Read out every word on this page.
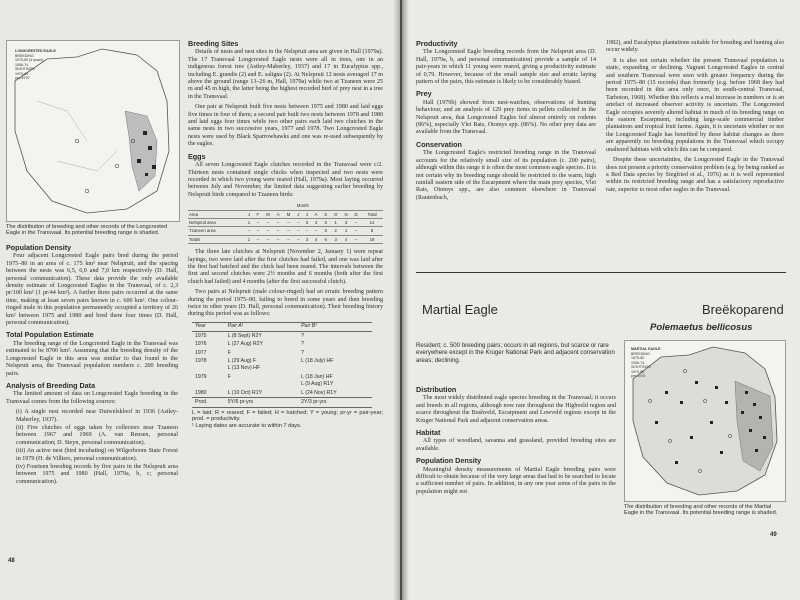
LONGCRESTED EAGLE
BREEDING
1975-80 (6 years)
1956-74
SIGHTINGS
1970-80
pre-1970
The distribution of breeding and other records of the Longcrested Eagle in the Transvaal. Its potential breeding range is shaded.
Population Density

Four adjacent Longcrested Eagle pairs bred during the period 1975–80 in an area of c. 175 km² near Nelspruit, and the spacing between the nests was 6,5, 6,0 and 7,0 km respectively (D. Hall, personal communication). These data provide the only available density estimate of Longcrested Eagles in the Transvaal, of c. 2,3 pr/100 km² (1 pr/44 km²). A further three pairs occurred at the same time, making at least seven pairs known in c. 600 km². One colour-ringed male in this population permanently occupied a territory of 26 km² between 1975 and 1980 and bred there four times (D. Hall, personal communication).

Total Population Estimate

The breeding range of the Longcrested Eagle in the Transvaal was estimated to be 8700 km². Assuming that the breeding density of the Longcrested Eagle in this area was similar to that found in the Nelspruit area, the Transvaal population numbers c. 200 breeding pairs.

Analysis of Breeding Data

The limited amount of data on Longcrested Eagle breeding in the Transvaal comes from the following sources:

(i) A single nest recorded near Duiwelskloof in 1936 (Astley-Maberley, 1937).
(ii) Five clutches of eggs taken by collectors near Tzaneen between 1967 and 1969 (A. van Rensen, personal communication; D. Steyn, personal communication).
(iii) An active nest (bird incubating) on Wilgerboom State Forest in 1979 (H. de Villiers, personal communication).
(iv) Fourteen breeding records by five pairs in the Nelspruit area between 1975 and 1980 (Hall, 1979a, b, c; personal communication).
Breeding Sites

Details of nests and nest sites in the Nelspruit area are given in Hall (1979a). The 17 Transvaal Longcrested Eagle nests were all in trees, one in an indigenous forest tree (Astley-Maberley, 1937) and 17 in Eucalyptus spp., including E. grandis (2) and E. saligna (2). At Nelspruit 12 nests averaged 17 m above the ground (range 13–26 m, Hall, 1979a) while two at Tzaneen were 25 m and 45 m high, the latter being the highest recorded bird of prey nest in a tree in the Transvaal.

One pair at Nelspruit built five nests between 1975 and 1980 and laid eggs five times in four of them; a second pair built two nests between 1978 and 1980 and laid eggs four times while two other pairs each laid two clutches in the same nests in two successive years, 1977 and 1978. Two Longcrested Eagle nests were used by Black Sparrowhawks and one was re-used subsequently by the eagles.

Eggs

All seven Longcrested Eagle clutches recorded in the Transvaal were c/2. Thirteen nests contained single chicks when inspected and two nests were recorded in which two young were reared (Hall, 1979a). Most laying occurred between July and November, the limited data suggesting earlier breeding by Nelspruit birds compared to Tzaneen birds:

	Month												
Area	J	F	M	A	M	J	J	A	S	O	N	D	Total
Nelspruit area	1	–	–	–	–	–	3	4	3	1	3	–	14
Tzaneen area	–	–	–	–	–	–	–	–	3	2	1	–	5
Totals	1	–	–	–	–	–	3	4	6	3	4	–	19

The three late clutches at Nelspruit (November 2, January 1) were repeat layings, two were laid after the first clutches had failed, and one was laid after the first had hatched and the chick had been reared. The intervals between the first and second clutches were 2½ months and 6 months (both after the first clutch had failed) and 4 months (after the first successful clutch).

Two pairs at Nelspruit (male colour-ringed) had an erratic breeding pattern during the period 1975–80, failing to breed in some years and then breeding twice in other years (D. Hall, personal communication). Their breeding history during this period was as follows:

Year	Pair A¹	Pair B¹
1975	L (8 Sept) R2Y	?
1976	L (27 Aug) R2Y	?
1977	F	?
1978	L (29 Aug) F
L (13 Nov) HF	L (18 July) HF
1979	F	L (18 Jan) HF
L (9 Aug) R1Y
1980	L (10 Oct) R1Y	L (24 Nov) R1Y
Prod.	5Y/6 pr-yrs	2Y/3 pr-yrs
L = laid; R = reared; F = failed; H = hatched; Y = young; pr-yr = pair-year; prod. = productivity.
¹ Laying dates are accurate to within 7 days.
48
Productivity

The Longcrested Eagle breeding records from the Nelspruit area (D. Hall, 1979a, b, and personal communication) provide a sample of 14 pair-years in which 11 young were reared, giving a productivity estimate of 0,79. However, because of the small sample size and erratic laying pattern of the pairs, this estimate is likely to be considerably biased.

Prey

Hall (1979b) showed from nest-watches, observations of hunting behaviour, and an analysis of 129 prey items in pellets collected in the Nelspruit area, that Longcrested Eagles fed almost entirely on rodents (86%), especially Vlei Rats, Otomys spp. (86%). No other prey data are available from the Transvaal.

Conservation

The Longcrested Eagle's restricted breeding range in the Transvaal accounts for the relatively small size of its population (c. 200 pairs), although within this range it is often the most common eagle species. It is not certain why its breeding range should be restricted to the warm, high rainfall eastern side of the Escarpment where the main prey species, Vlei Rats, Otomys spp., are also common elsewhere in Transvaal (Rautenbach,

1982), and Eucalyptus plantations suitable for breeding and hunting also occur widely.

It is also not certain whether the present Transvaal population is static, expanding or declining. Vagrant Longcrested Eagles in central and southern Transvaal were seen with greater frequency during the period 1975–80 (15 records) than formerly (e.g. before 1968 they had been recorded in this area only once, in south-central Transvaal, Tarboton, 1968). Whether this reflects a real increase in numbers or is an artefact of increased observer activity is uncertain. The Longcrested Eagle occupies severely altered habitat in much of its breeding range on the eastern Escarpment, including large-scale commercial timber plantations and tropical fruit farms. Again, it is uncertain whether or not the Longcrested Eagle has benefited by these habitat changes as there are apparently no breeding populations in the Transvaal which occupy unaltered habitats with which this can be compared.

Despite these uncertainties, the Longcrested Eagle in the Transvaal does not present a priority conservation problem (e.g. by being ranked as a Red Data species by Siegfried et al., 1976) as it is well represented within its restricted breeding range and has a satisfactory reproductive rate, superior to most other eagles in the Transvaal.

Martial Eagle	Breëkoparend
Polemaetus bellicosus
Resident; c. 500 breeding pairs; occurs in all regions, but scarce or rare everywhere except in the Kruger National Park and adjacent conservation areas; declining.
Distribution

The most widely distributed eagle species breeding in the Transvaal; it occurs and breeds in all regions, although now rare throughout the Highveld region and scarce throughout the Bushveld, Escarpment and Lowveld regions except in the Kruger National Park and adjacent conservation areas.

Habitat

All types of woodland, savanna and grassland, provided breeding sites are available.

Population Density

Meaningful density measurements of Martial Eagle breeding pairs were difficult to obtain because of the very large areas that had to be searched to locate a sufficient number of pairs. In addition, in any one year some of the pairs in the population might not

MARTIAL EAGLE
BREEDING
1975-80
1956-74
SIGHTINGS
1970-80
pre-1970
The distribution of breeding and other records of the Martial Eagle in the Transvaal. Its potential breeding range is shaded.
49
